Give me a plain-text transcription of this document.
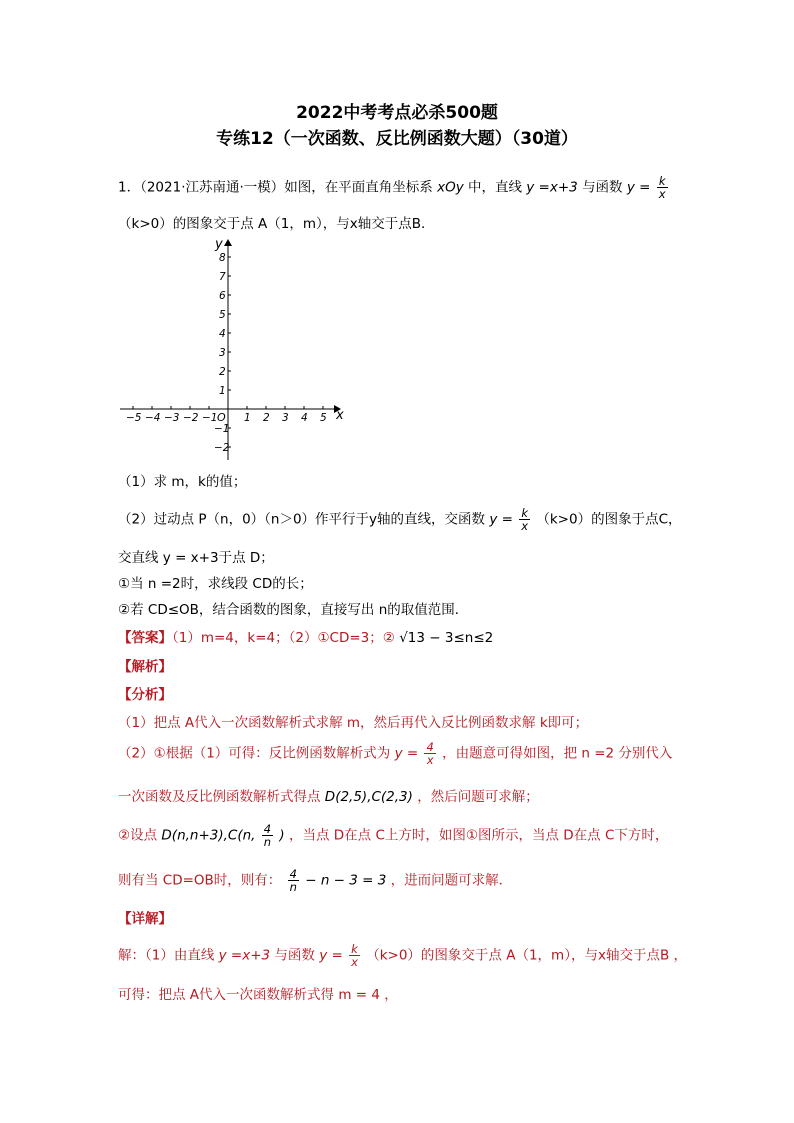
2022中考考点必杀500题
专练12（一次函数、反比例函数大题）（30道）
1．（2021·江苏南通·一模）如图，在平面直角坐标系 xOy 中，直线 y =x+3 与函数 $y = \frac{k}{x}$
（k>0）的图象交于点 A（1，m），与x轴交于点B．
−5 −4 −3 −2 −1	1 2 3 4 5
8
7
6
5
4
3
2
1
−1
−2
x
y
O
（1）求 m，k的值；
（2）过动点 P（n，0）（n＞0）作平行于y轴的直线，交函数 $y = \frac{k}{x} (k>0)$的图象于点C，
交直线 y = x+3于点 D；
①当 n =2时，求线段 CD的长；
②若 CD≤OB，结合函数的图象，直接写出 n的取值范围．
【答案】（1）m=4，k=4；（2）①CD=3；② √13 − 3≤n≤2
【解析】
【分析】
（1）把点 A代入一次函数解析式求解 m，然后再代入反比例函数求解 k即可；
（2）①根据（1）可得：反比例函数解析式为 $y = \frac{4}{x}$ ，由题意可得如图，把 n =2 分别代入
一次函数及反比例函数解析式得点 D(2,5),C(2,3) ，然后问题可求解；
②设点 D(n,n+3),C(n, $\frac{4}{n}$ ) ，当点 D在点 C上方时，如图①图所示，当点 D在点 C下方时，
则有当 CD=OB时，则有： $\frac{4}{n} - n - 3 = 3$ ，进而问题可求解．
【详解】
解：（1）由直线 y =x+3 与函数 $y = \frac{k}{x} (k>0)$的图象交于点 A（1，m），与x轴交于点B ，
可得：把点 A代入一次函数解析式得 m = 4 ，
